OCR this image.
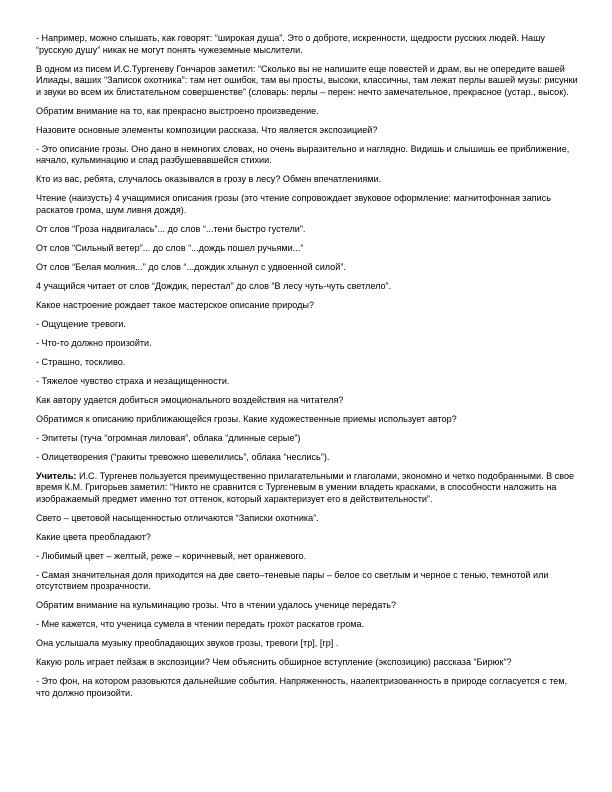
- Например, можно слышать, как говорят: “широкая душа”. Это о доброте, искренности, щедрости русских людей. Нашу “русскую душу” никак не могут понять чужеземные мыслители.

В одном из писем И.С.Тургеневу Гончаров заметил: “Сколько вы не напишите еще повестей и драм, вы не опередите вашей Илиады, ваших “Записок охотника”: там нет ошибок, там вы просты, высоки, классичны, там лежат перлы вашей музы: рисунки и звуки во всем их блистательном совершенстве” (словарь: перлы – перен: нечто замечательное, прекрасное (устар., высок).

Обратим внимание на то, как прекрасно выстроено произведение.

Назовите основные элементы композиции рассказа. Что является экспозицией?

- Это описание грозы. Оно дано в немногих словах, но очень выразительно и наглядно. Видишь и слышишь ее приближение, начало, кульминацию и спад разбушевавшейся стихии.

Кто из вас, ребята, случалось оказывался в грозу в лесу? Обмен впечатлениями.

Чтение (наизусть) 4 учащимися описания грозы (это чтение сопровождает звуковое оформление: магнитофонная запись раскатов грома, шум ливня дождя).

От слов “Гроза надвигалась”... до слов “...тени быстро густели”.

От слов “Сильный ветер”... до слов “...дождь пошел ручьями...”

От слов “Белая молния...” до слов “...дождик хлынул с удвоенной силой”.

4 учащийся читает от слов “Дождик, перестал” до слов “В лесу чуть-чуть светлело”.

Какое настроение рождает такое мастерское описание природы?

- Ощущение тревоги.

- Что-то должно произойти.

- Страшно, тоскливо.

- Тяжелое чувство страха и незащищенности.

Как автору удается добиться эмоционального воздействия на читателя?

Обратимся к описанию приближающейся грозы. Какие художественные приемы использует автор?

- Эпитеты (туча “огромная лиловая”, облака “длинные серые”)

- Олицетворения (“ракиты тревожно шевелились”, облака “неслись”).

Учитель: И.С. Тургенев пользуется преимущественно прилагательными и глаголами, экономно и четко подобранными. В свое время К.М. Григорьев заметил: “Никто не сравнится с Тургеневым в умении владеть красками, в способности наложить на изображаемый предмет именно тот оттенок, который характеризует его в действительности”.

Свето – цветовой насыщенностью отличаются “Записки охотника”.

Какие цвета преобладают?

- Любимый цвет – желтый, реже – коричневый, нет оранжевого.

- Самая значительная доля приходится на две свето–теневые пары – белое со светлым и черное с тенью, темнотой или отсутствием прозрачности.

Обратим внимание на кульминацию грозы. Что в чтении удалось ученице передать?

- Мне кажется, что ученица сумела в чтении передать грохот раскатов грома.

Она услышала музыку преобладающих звуков грозы, тревоги [тр], [гр] .

Какую роль играет пейзаж в экспозиции? Чем объяснить обширное вступление (экспозицию) рассказа “Бирюк”?

- Это фон, на котором разовьются дальнейшие события. Напряженность, наэлектризованность в природе согласуется с тем, что должно произойти.
